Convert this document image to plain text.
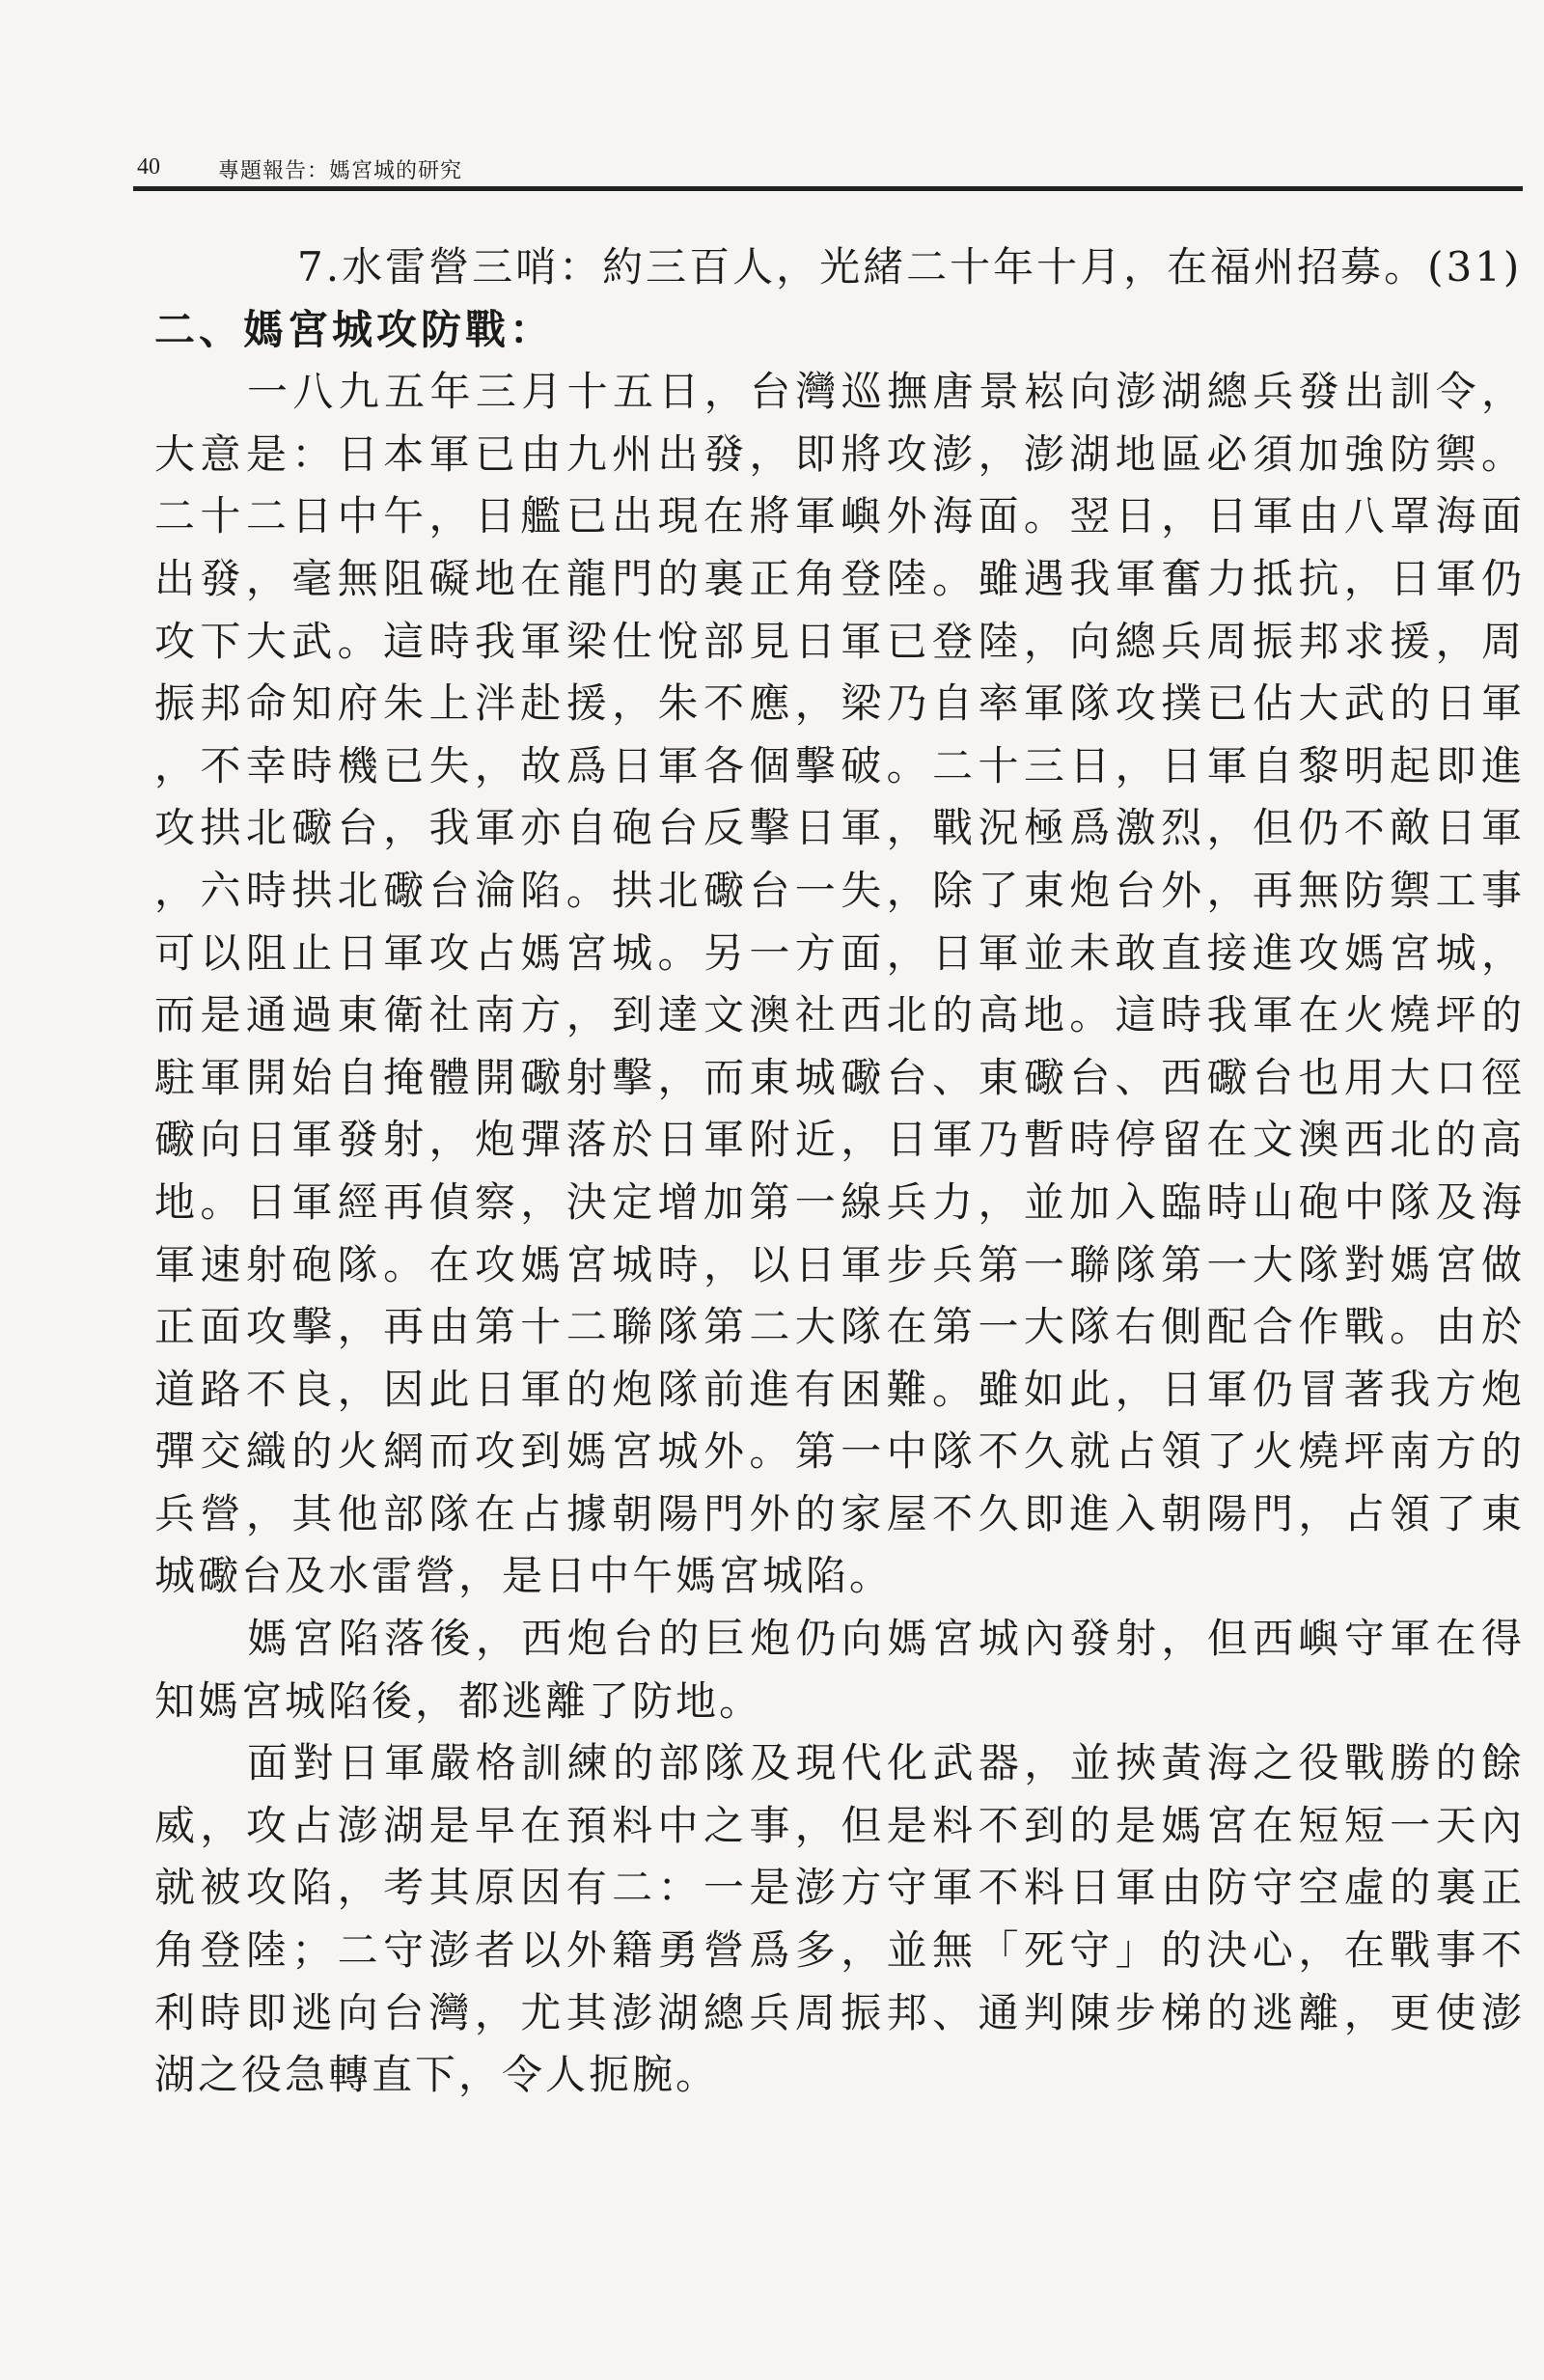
40	專題報告：媽宮城的研究
7.水雷營三哨：約三百人，光緒二十年十月，在福州招募。(31)
二、媽宮城攻防戰：
一八九五年三月十五日，台灣巡撫唐景崧向澎湖總兵發出訓令，
大意是：日本軍已由九州出發，即將攻澎，澎湖地區必須加強防禦。
二十二日中午，日艦已出現在將軍嶼外海面。翌日，日軍由八罩海面
出發，毫無阻礙地在龍門的裏正角登陸。雖遇我軍奮力抵抗，日軍仍
攻下大武。這時我軍梁仕悅部見日軍已登陸，向總兵周振邦求援，周
振邦命知府朱上泮赴援，朱不應，梁乃自率軍隊攻撲已佔大武的日軍
，不幸時機已失，故爲日軍各個擊破。二十三日，日軍自黎明起即進
攻拱北礮台，我軍亦自砲台反擊日軍，戰況極爲激烈，但仍不敵日軍
，六時拱北礮台淪陷。拱北礮台一失，除了東炮台外，再無防禦工事
可以阻止日軍攻占媽宮城。另一方面，日軍並未敢直接進攻媽宮城，
而是通過東衛社南方，到達文澳社西北的高地。這時我軍在火燒坪的
駐軍開始自掩體開礮射擊，而東城礮台、東礮台、西礮台也用大口徑
礮向日軍發射，炮彈落於日軍附近，日軍乃暫時停留在文澳西北的高
地。日軍經再偵察，決定增加第一線兵力，並加入臨時山砲中隊及海
軍速射砲隊。在攻媽宮城時，以日軍步兵第一聯隊第一大隊對媽宮做
正面攻擊，再由第十二聯隊第二大隊在第一大隊右側配合作戰。由於
道路不良，因此日軍的炮隊前進有困難。雖如此，日軍仍冒著我方炮
彈交織的火網而攻到媽宮城外。第一中隊不久就占領了火燒坪南方的
兵營，其他部隊在占據朝陽門外的家屋不久即進入朝陽門，占領了東
城礮台及水雷營，是日中午媽宮城陷。
媽宮陷落後，西炮台的巨炮仍向媽宮城內發射，但西嶼守軍在得
知媽宮城陷後，都逃離了防地。
面對日軍嚴格訓練的部隊及現代化武器，並挾黃海之役戰勝的餘
威，攻占澎湖是早在預料中之事，但是料不到的是媽宮在短短一天內
就被攻陷，考其原因有二：一是澎方守軍不料日軍由防守空虛的裏正
角登陸；二守澎者以外籍勇營爲多，並無「死守」的決心，在戰事不
利時即逃向台灣，尤其澎湖總兵周振邦、通判陳步梯的逃離，更使澎
湖之役急轉直下，令人扼腕。
